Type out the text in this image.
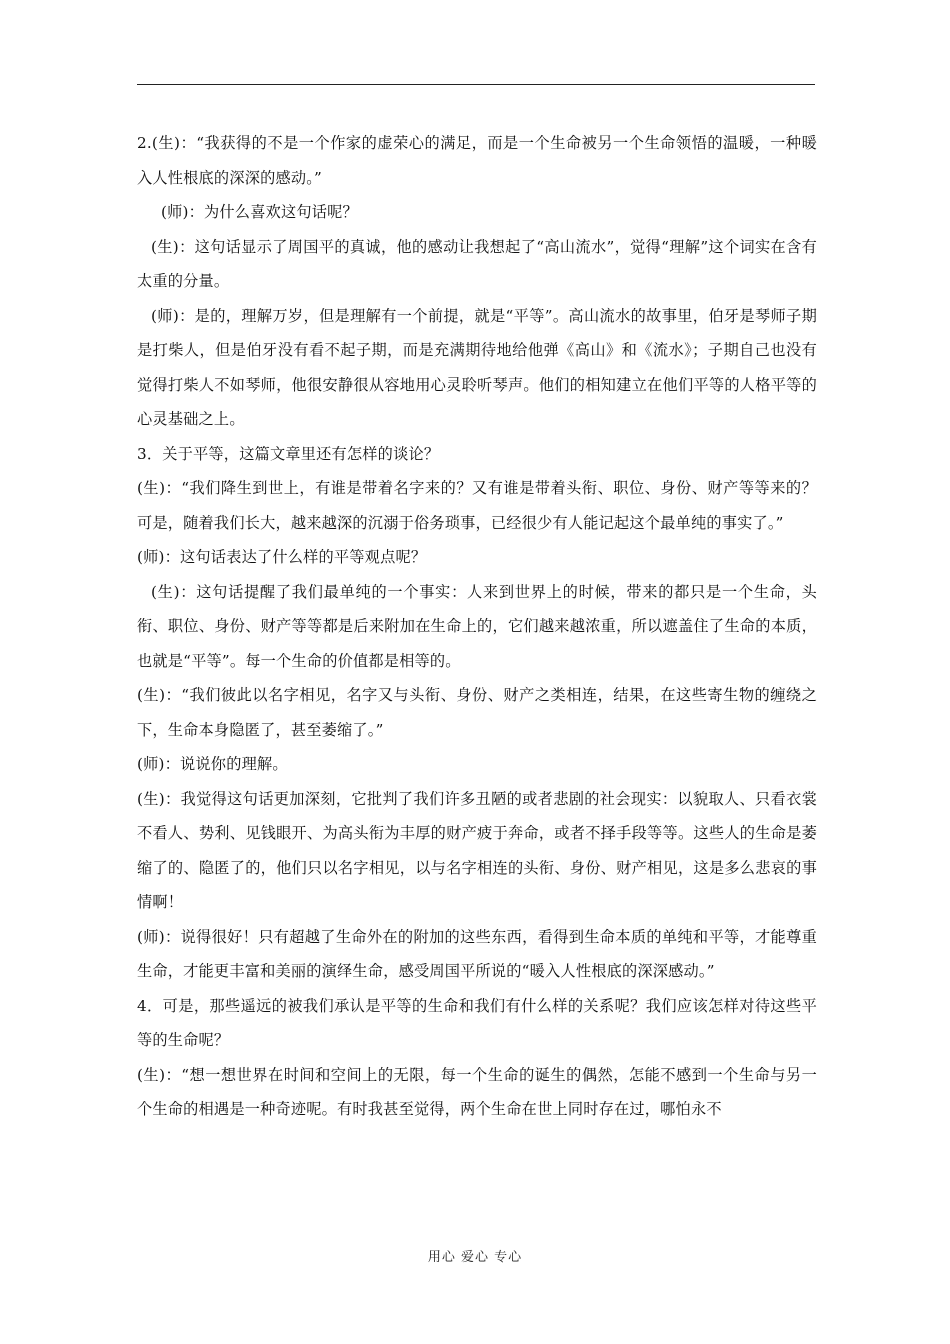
2.(生)：“我获得的不是一个作家的虚荣心的满足，而是一个生命被另一个生命领悟的温暖，一种暖入人性根底的深深的感动。”

(师)：为什么喜欢这句话呢？

(生)：这句话显示了周国平的真诚，他的感动让我想起了“高山流水”，觉得“理解”这个词实在含有太重的分量。

(师)：是的，理解万岁，但是理解有一个前提，就是“平等”。高山流水的故事里，伯牙是琴师子期是打柴人，但是伯牙没有看不起子期，而是充满期待地给他弹《高山》和《流水》；子期自己也没有觉得打柴人不如琴师，他很安静很从容地用心灵聆听琴声。他们的相知建立在他们平等的人格平等的心灵基础之上。

3．关于平等，这篇文章里还有怎样的谈论？

(生)：“我们降生到世上，有谁是带着名字来的？又有谁是带着头衔、职位、身份、财产等等来的？可是，随着我们长大，越来越深的沉溺于俗务琐事，已经很少有人能记起这个最单纯的事实了。”

(师)：这句话表达了什么样的平等观点呢？

(生)：这句话提醒了我们最单纯的一个事实：人来到世界上的时候，带来的都只是一个生命，头衔、职位、身份、财产等等都是后来附加在生命上的，它们越来越浓重，所以遮盖住了生命的本质，也就是“平等”。每一个生命的价值都是相等的。

(生)：“我们彼此以名字相见，名字又与头衔、身份、财产之类相连，结果，在这些寄生物的缠绕之下，生命本身隐匿了，甚至萎缩了。”

(师)：说说你的理解。

(生)：我觉得这句话更加深刻，它批判了我们许多丑陋的或者悲剧的社会现实：以貌取人、只看衣裳不看人、势利、见钱眼开、为高头衔为丰厚的财产疲于奔命，或者不择手段等等。这些人的生命是萎缩了的、隐匿了的，他们只以名字相见，以与名字相连的头衔、身份、财产相见，这是多么悲哀的事情啊！

(师)：说得很好！只有超越了生命外在的附加的这些东西，看得到生命本质的单纯和平等，才能尊重生命，才能更丰富和美丽的演绎生命，感受周国平所说的“暖入人性根底的深深感动。”

4．可是，那些遥远的被我们承认是平等的生命和我们有什么样的关系呢？我们应该怎样对待这些平等的生命呢？

(生)：“想一想世界在时间和空间上的无限，每一个生命的诞生的偶然，怎能不感到一个生命与另一个生命的相遇是一种奇迹呢。有时我甚至觉得，两个生命在世上同时存在过，哪怕永不

用心 爱心 专心
